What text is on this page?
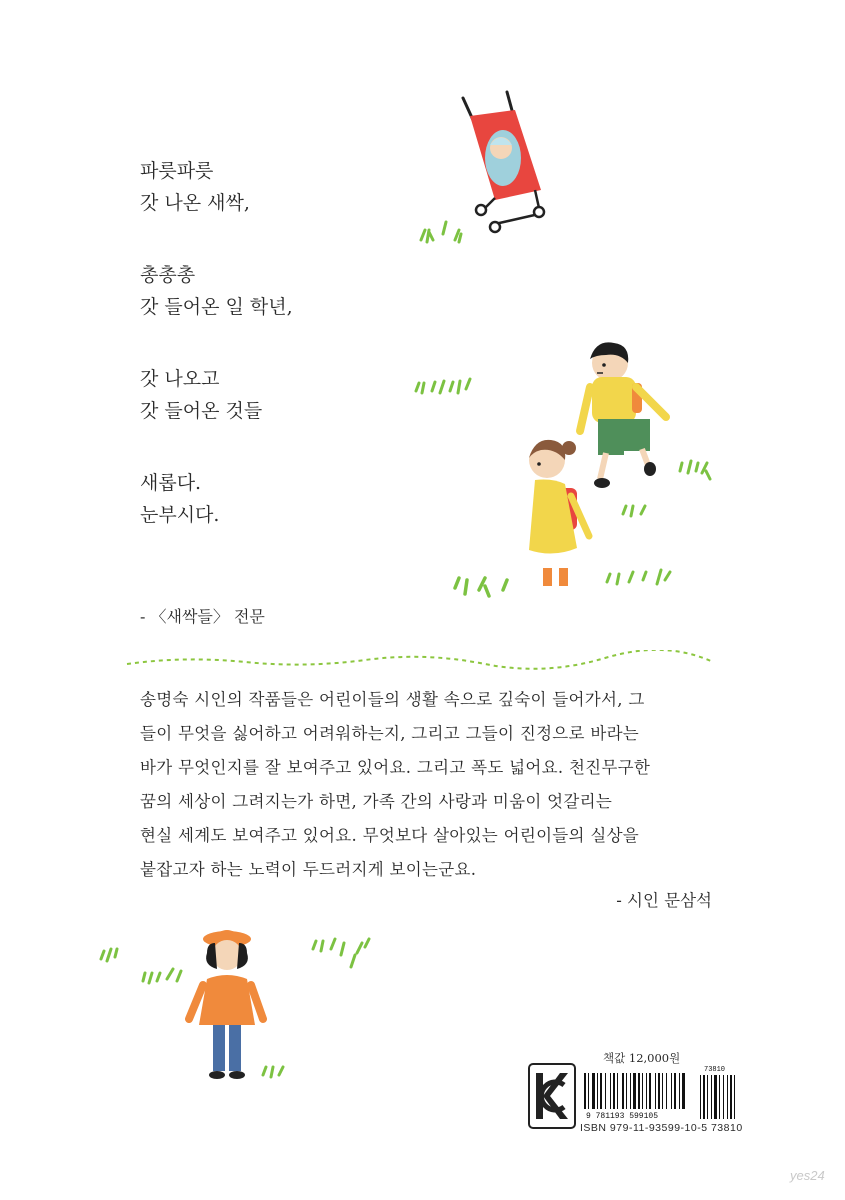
파릇파릇
갓 나온 새싹,
총총총
갓 들어온 일 학년,
갓 나오고
갓 들어온 것들
새롭다.
눈부시다.
- 〈새싹들〉 전문
송명숙 시인의 작품들은 어린이들의 생활 속으로 깊숙이 들어가서, 그
들이 무엇을 싫어하고 어려워하는지, 그리고 그들이 진정으로 바라는
바가 무엇인지를 잘 보여주고 있어요. 그리고 폭도 넓어요. 천진무구한
꿈의 세상이 그려지는가 하면, 가족 간의 사랑과 미움이 엇갈리는
현실 세계도 보여주고 있어요. 무엇보다 살아있는 어린이들의 실상을
붙잡고자 하는 노력이 두드러지게 보이는군요.
- 시인 문삼석
책값 12,000원
9 781193 599105
73810
ISBN 979-11-93599-10-5 73810
yes24
